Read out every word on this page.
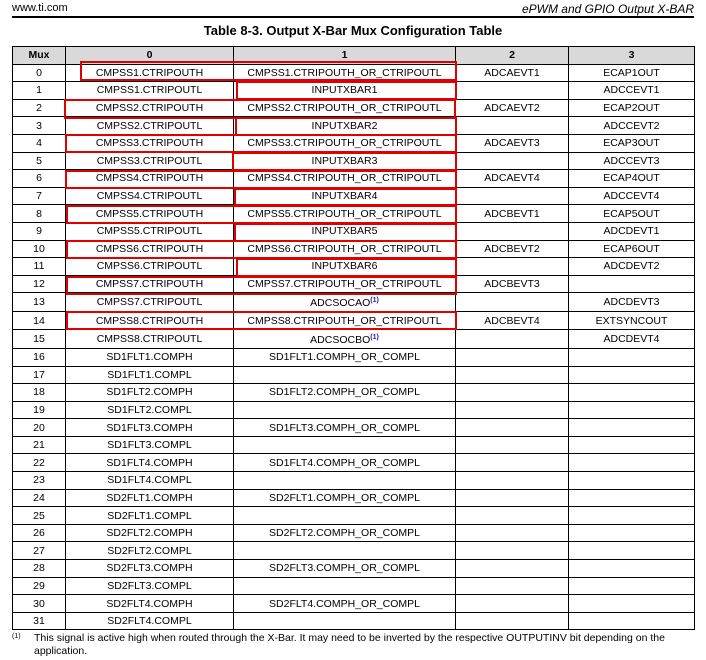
www.ti.com	ePWM and GPIO Output X-BAR
Table 8-3. Output X-Bar Mux Configuration Table
Mux	0	1	2	3
0	CMPSS1.CTRIPOUTH	CMPSS1.CTRIPOUTH_OR_CTRIPOUTL	ADCAEVT1	ECAP1OUT
1	CMPSS1.CTRIPOUTL	INPUTXBAR1		ADCCEVT1
2	CMPSS2.CTRIPOUTH	CMPSS2.CTRIPOUTH_OR_CTRIPOUTL	ADCAEVT2	ECAP2OUT
3	CMPSS2.CTRIPOUTL	INPUTXBAR2		ADCCEVT2
4	CMPSS3.CTRIPOUTH	CMPSS3.CTRIPOUTH_OR_CTRIPOUTL	ADCAEVT3	ECAP3OUT
5	CMPSS3.CTRIPOUTL	INPUTXBAR3		ADCCEVT3
6	CMPSS4.CTRIPOUTH	CMPSS4.CTRIPOUTH_OR_CTRIPOUTL	ADCAEVT4	ECAP4OUT
7	CMPSS4.CTRIPOUTL	INPUTXBAR4		ADCCEVT4
8	CMPSS5.CTRIPOUTH	CMPSS5.CTRIPOUTH_OR_CTRIPOUTL	ADCBEVT1	ECAP5OUT
9	CMPSS5.CTRIPOUTL	INPUTXBAR5		ADCDEVT1
10	CMPSS6.CTRIPOUTH	CMPSS6.CTRIPOUTH_OR_CTRIPOUTL	ADCBEVT2	ECAP6OUT
11	CMPSS6.CTRIPOUTL	INPUTXBAR6		ADCDEVT2
12	CMPSS7.CTRIPOUTH	CMPSS7.CTRIPOUTH_OR_CTRIPOUTL	ADCBEVT3	
13	CMPSS7.CTRIPOUTL	ADCSOCAO$^{(1)}$		ADCDEVT3
14	CMPSS8.CTRIPOUTH	CMPSS8.CTRIPOUTH_OR_CTRIPOUTL	ADCBEVT4	EXTSYNCOUT
15	CMPSS8.CTRIPOUTL	ADCSOCBO$^{(1)}$		ADCDEVT4
16	SD1FLT1.COMPH	SD1FLT1.COMPH_OR_COMPL		
17	SD1FLT1.COMPL			
18	SD1FLT2.COMPH	SD1FLT2.COMPH_OR_COMPL		
19	SD1FLT2.COMPL			
20	SD1FLT3.COMPH	SD1FLT3.COMPH_OR_COMPL		
21	SD1FLT3.COMPL			
22	SD1FLT4.COMPH	SD1FLT4.COMPH_OR_COMPL		
23	SD1FLT4.COMPL			
24	SD2FLT1.COMPH	SD2FLT1.COMPH_OR_COMPL		
25	SD2FLT1.COMPL			
26	SD2FLT2.COMPH	SD2FLT2.COMPH_OR_COMPL		
27	SD2FLT2.COMPL			
28	SD2FLT3.COMPH	SD2FLT3.COMPH_OR_COMPL		
29	SD2FLT3.COMPL			
30	SD2FLT4.COMPH	SD2FLT4.COMPH_OR_COMPL		
31	SD2FLT4.COMPL			
(1) This signal is active high when routed through the X-Bar. It may need to be inverted by the respective OUTPUTINV bit depending on the application.
